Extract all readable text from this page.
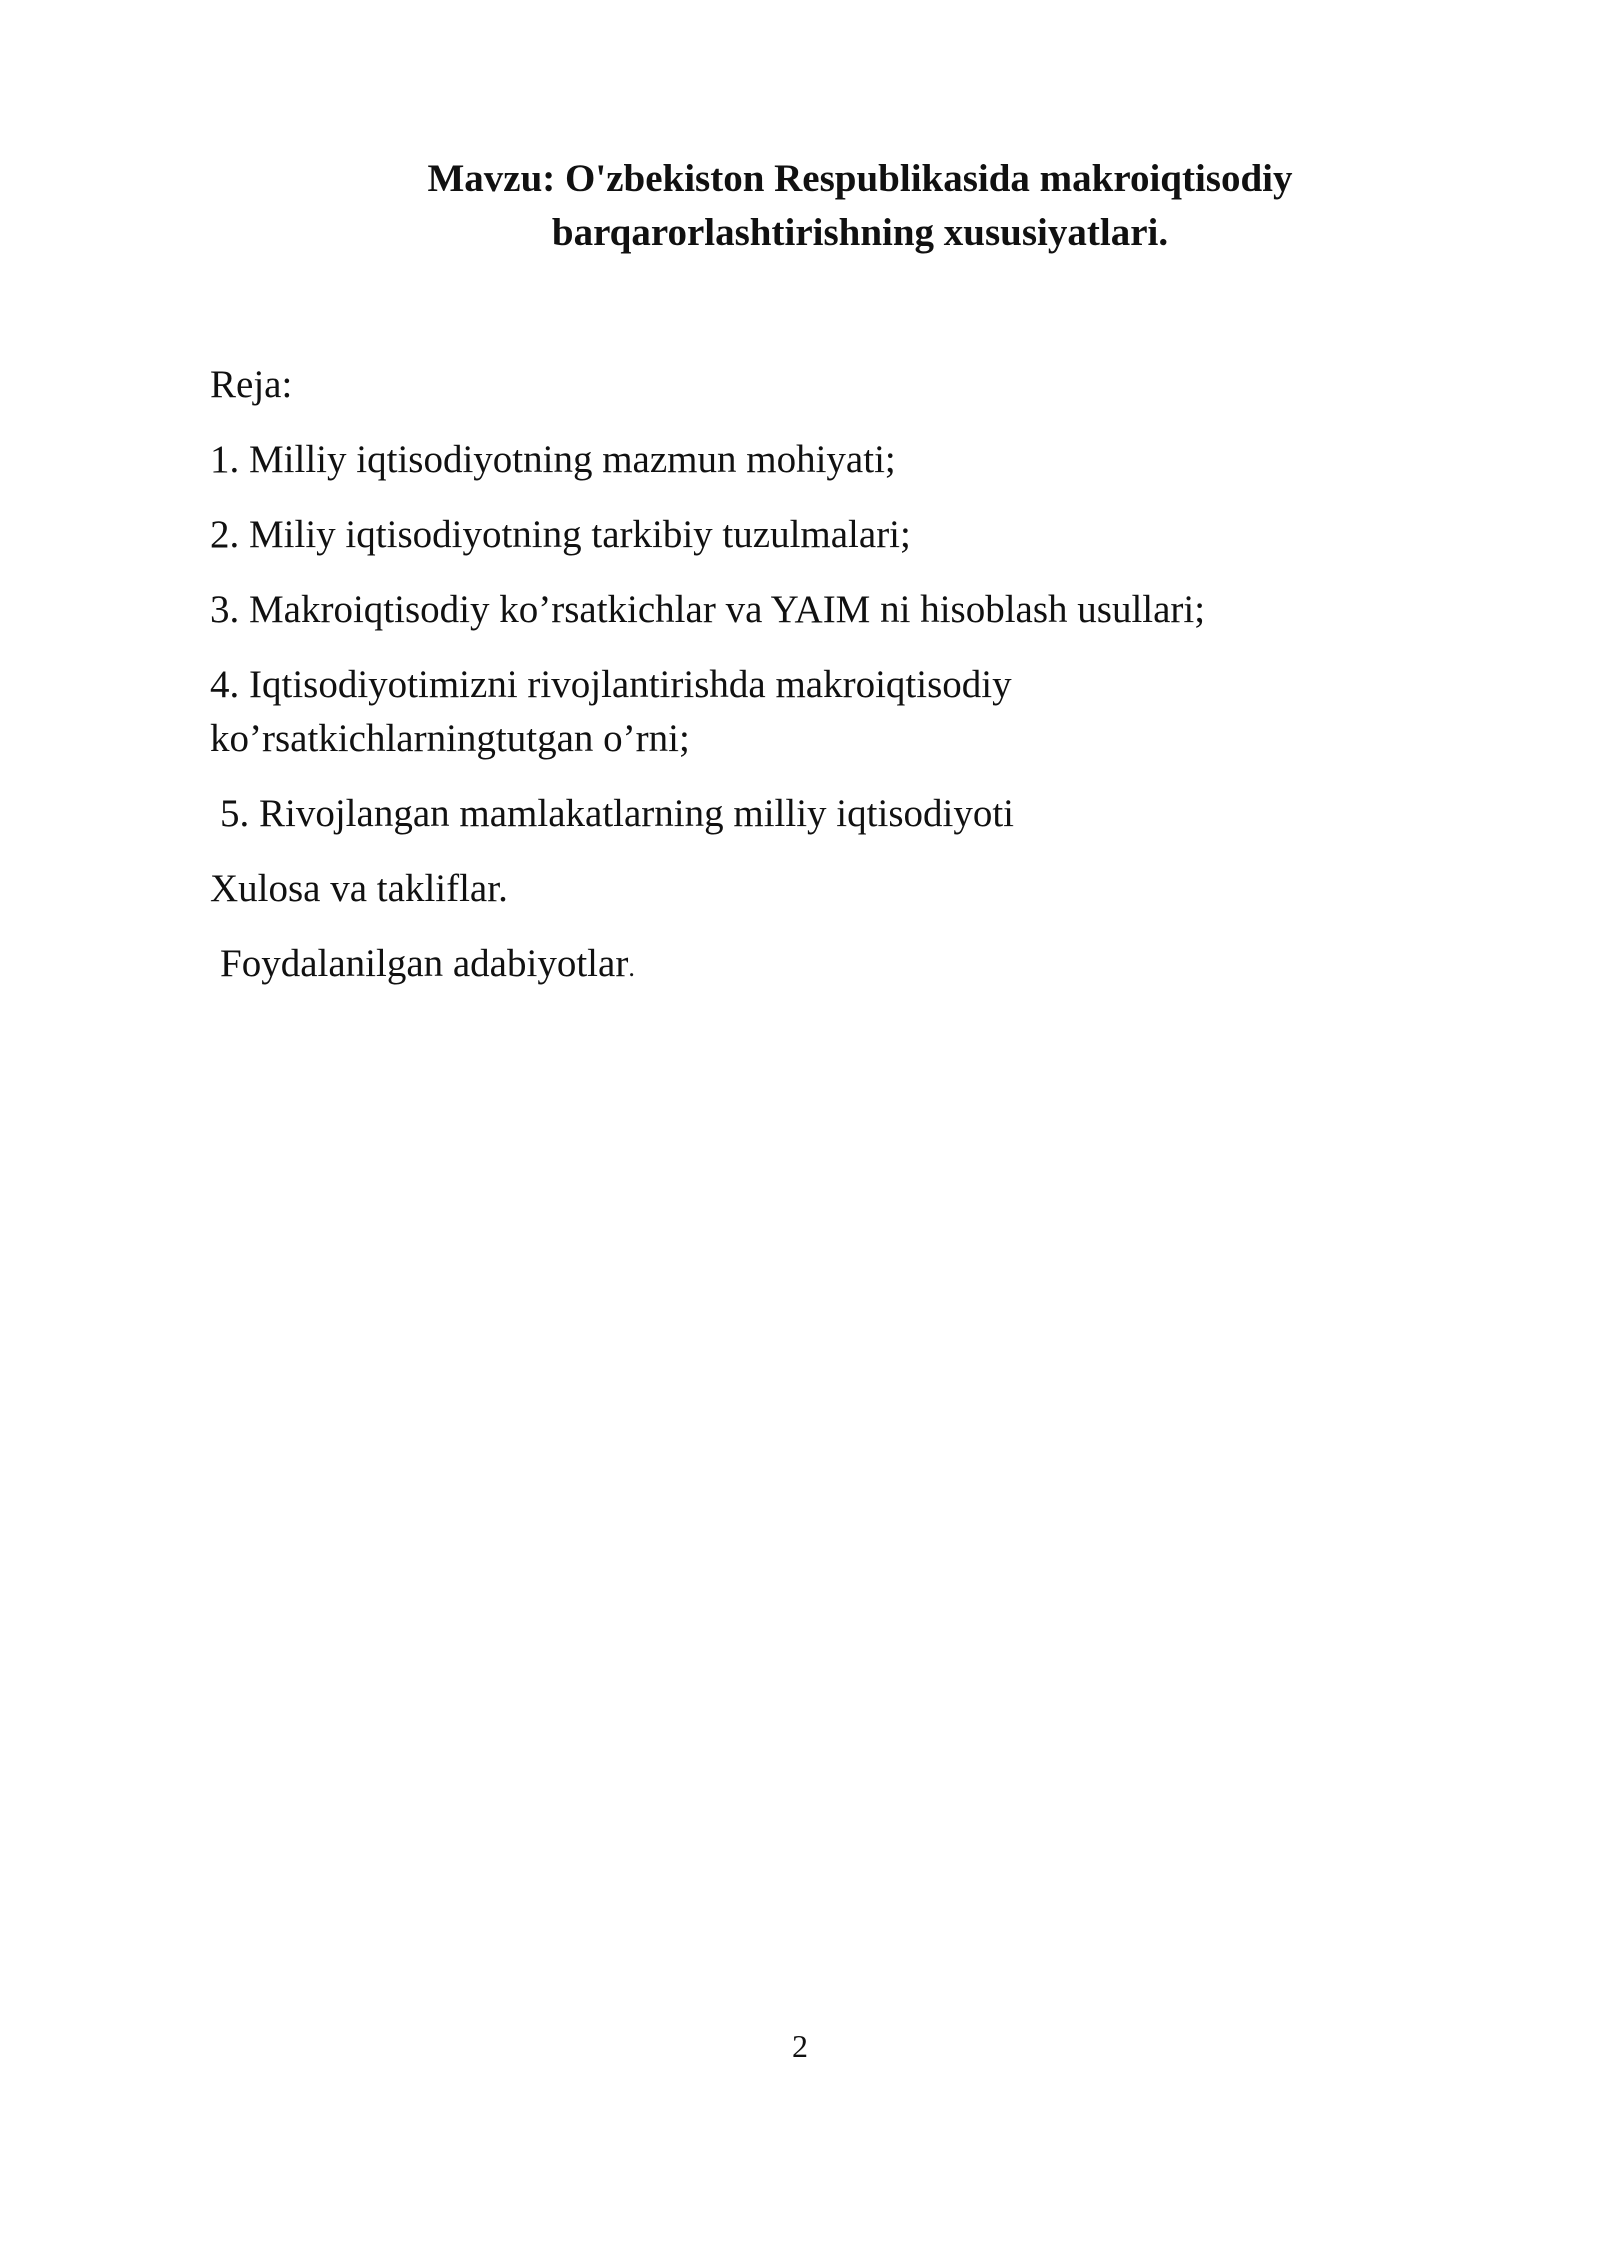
Mavzu: O'zbekiston Respublikasida makroiqtisodiy
barqarorlashtirishning xususiyatlari.

Reja:

1. Milliy iqtisodiyotning mazmun mohiyati;

2. Miliy iqtisodiyotning tarkibiy tuzulmalari;

3. Makroiqtisodiy ko’rsatkichlar va YAIM ni hisoblash usullari;

4. Iqtisodiyotimizni rivojlantirishda makroiqtisodiy

ko’rsatkichlarningtutgan o’rni;

5. Rivojlangan mamlakatlarning milliy iqtisodiyoti

Xulosa va takliflar.

Foydalanilgan adabiyotlar.

2
